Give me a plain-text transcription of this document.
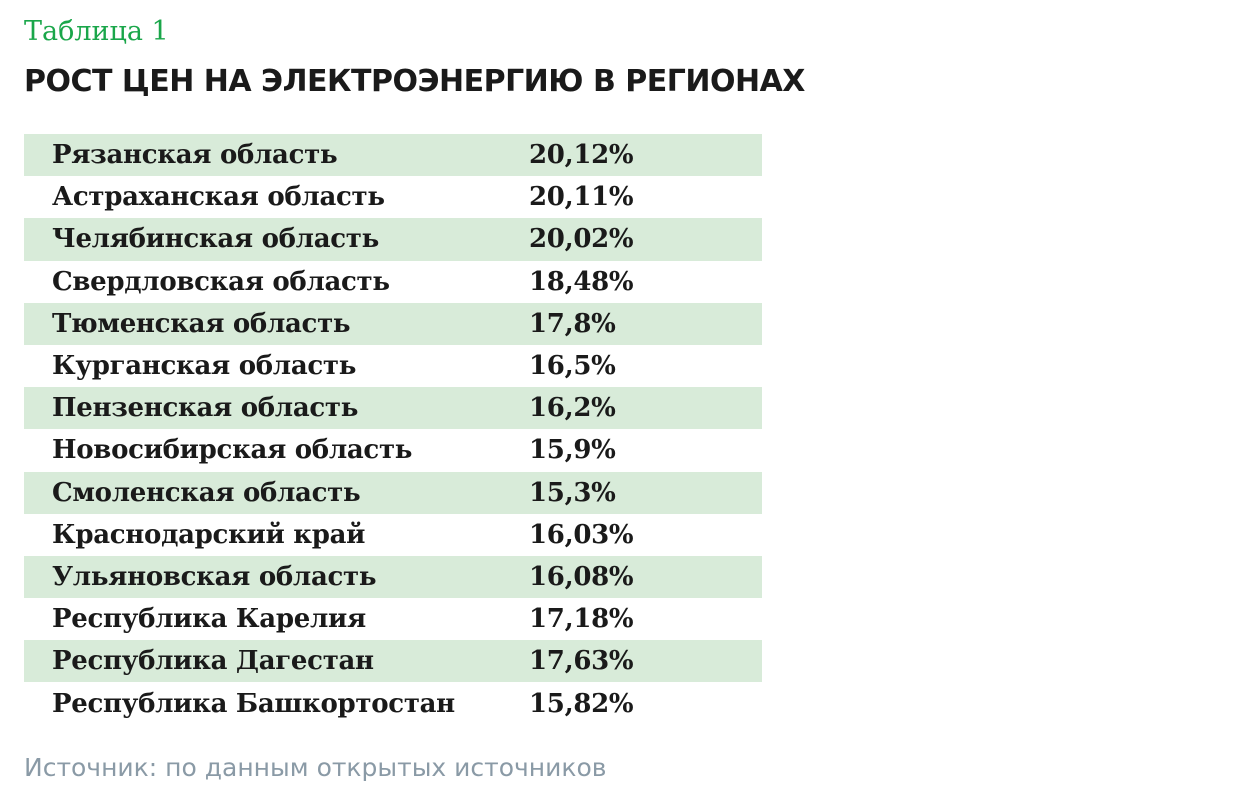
Таблица 1
РОСТ ЦЕН НА ЭЛЕКТРОЭНЕРГИЮ В РЕГИОНАХ
Рязанская область	20,12%
Астраханская область	20,11%
Челябинская область	20,02%
Свердловская область	18,48%
Тюменская область	17,8%
Курганская область	16,5%
Пензенская область	16,2%
Новосибирская область	15,9%
Смоленская область	15,3%
Краснодарский край	16,03%
Ульяновская область	16,08%
Республика Карелия	17,18%
Республика Дагестан	17,63%
Республика Башкортостан	15,82%
Источник: по данным открытых источников
